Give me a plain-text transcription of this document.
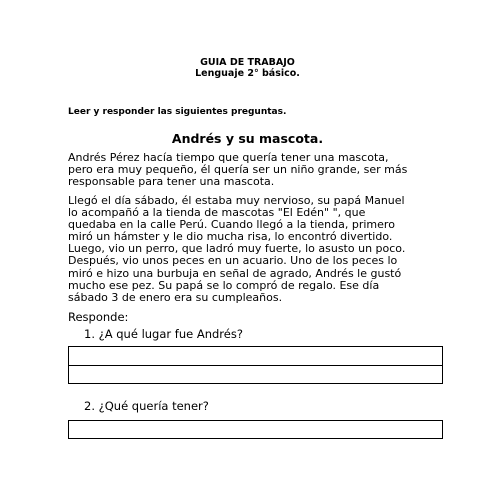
GUIA DE TRABAJO
Lenguaje 2° básico.
Leer y responder las siguientes preguntas.
Andrés y su mascota.
Andrés Pérez hacía tiempo que quería tener una mascota,
pero era muy pequeño, él quería ser un niño grande, ser más
responsable para tener una mascota.
Llegó el día sábado, él estaba muy nervioso, su papá Manuel
lo acompañó a la tienda de mascotas "El Edén" ", que
quedaba en la calle Perú. Cuando llegó a la tienda, primero
miró un hámster y le dio mucha risa, lo encontró divertido.
Luego, vio un perro, que ladró muy fuerte, lo asusto un poco.
Después, vio unos peces en un acuario. Uno de los peces lo
miró e hizo una burbuja en señal de agrado, Andrés le gustó
mucho ese pez. Su papá se lo compró de regalo. Ese día
sábado 3 de enero era su cumpleaños.
Responde:
1. ¿A qué lugar fue Andrés?
2. ¿Qué quería tener?
